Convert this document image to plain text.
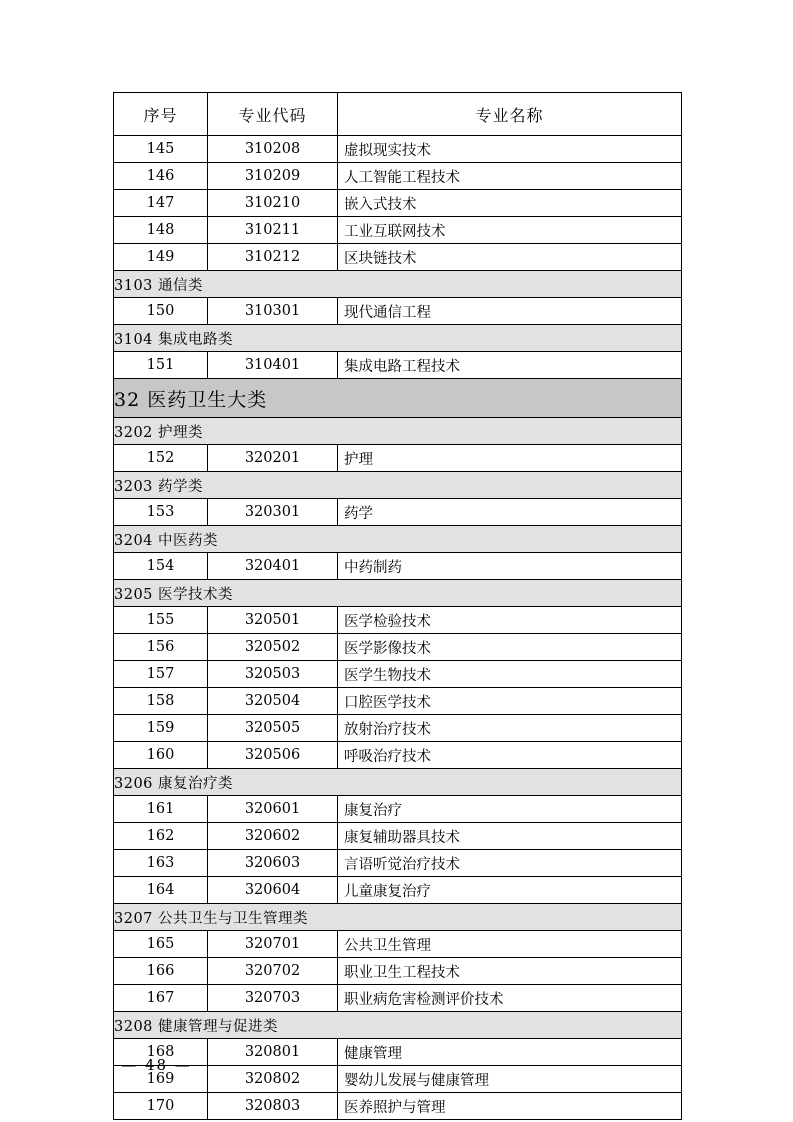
序号	专业代码	专业名称
145	310208	虚拟现实技术
146	310209	人工智能工程技术
147	310210	嵌入式技术
148	310211	工业互联网技术
149	310212	区块链技术
3103 通信类		
150	310301	现代通信工程
3104 集成电路类		
151	310401	集成电路工程技术
32 医药卫生大类		
3202 护理类		
152	320201	护理
3203 药学类		
153	320301	药学
3204 中医药类		
154	320401	中药制药
3205 医学技术类		
155	320501	医学检验技术
156	320502	医学影像技术
157	320503	医学生物技术
158	320504	口腔医学技术
159	320505	放射治疗技术
160	320506	呼吸治疗技术
3206 康复治疗类		
161	320601	康复治疗
162	320602	康复辅助器具技术
163	320603	言语听觉治疗技术
164	320604	儿童康复治疗
3207 公共卫生与卫生管理类		
165	320701	公共卫生管理
166	320702	职业卫生工程技术
167	320703	职业病危害检测评价技术
3208 健康管理与促进类		
168	320801	健康管理
169	320802	婴幼儿发展与健康管理
170	320803	医养照护与管理
— 48 —
